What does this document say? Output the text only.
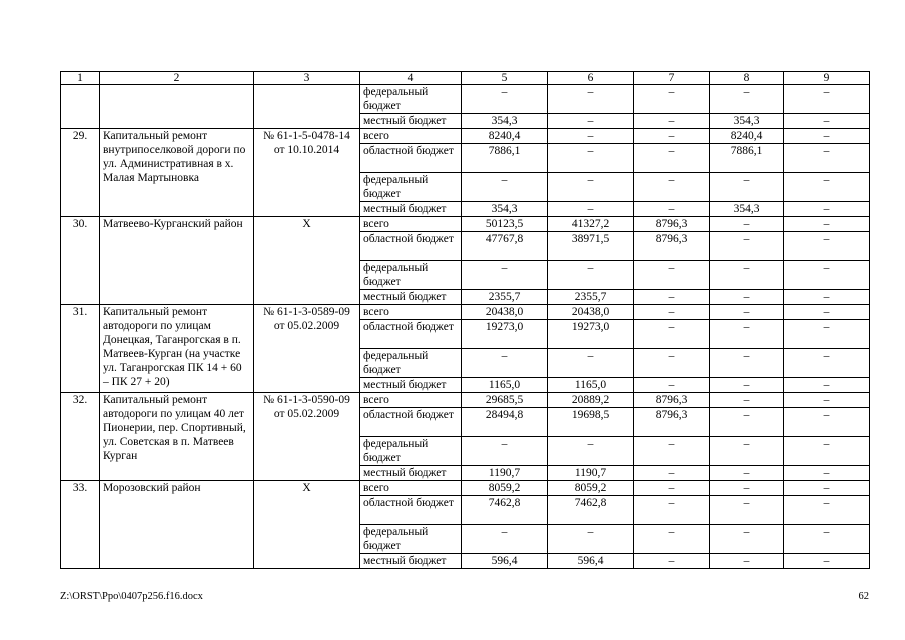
1	2	3	4	5	6	7	8	9
			федеральный бюджет	–	–	–	–	–
			местный бюджет	354,3	–	–	354,3	–
29.	Капитальный ремонт внутрипоселковой дороги по ул. Административная в х. Малая Мартыновка	№ 61-1-5-0478-14 от 10.10.2014	всего	8240,4	–	–	8240,4	–
			областной бюджет	7886,1	–	–	7886,1	–
			федеральный бюджет	–	–	–	–	–
			местный бюджет	354,3	–	–	354,3	–
30.	Матвеево-Курганский район	Х	всего	50123,5	41327,2	8796,3	–	–
			областной бюджет	47767,8	38971,5	8796,3	–	–
			федеральный бюджет	–	–	–	–	–
			местный бюджет	2355,7	2355,7	–	–	–
31.	Капитальный ремонт автодороги по улицам Донецкая, Таганрогская в п. Матвеев-Курган (на участке ул. Таганрогская ПК 14 + 60 – ПК 27 + 20)	№ 61-1-3-0589-09 от 05.02.2009	всего	20438,0	20438,0	–	–	–
			областной бюджет	19273,0	19273,0	–	–	–
			федеральный бюджет	–	–	–	–	–
			местный бюджет	1165,0	1165,0	–	–	–
32.	Капитальный ремонт автодороги по улицам 40 лет Пионерии, пер. Спортивный, ул. Советская в п. Матвеев Курган	№ 61-1-3-0590-09 от 05.02.2009	всего	29685,5	20889,2	8796,3	–	–
			областной бюджет	28494,8	19698,5	8796,3	–	–
			федеральный бюджет	–	–	–	–	–
			местный бюджет	1190,7	1190,7	–	–	–
33.	Морозовский район	Х	всего	8059,2	8059,2	–	–	–
			областной бюджет	7462,8	7462,8	–	–	–
			федеральный бюджет	–	–	–	–	–
			местный бюджет	596,4	596,4	–	–	–
Z:\ORST\Ppo\0407p256.f16.docx	62
